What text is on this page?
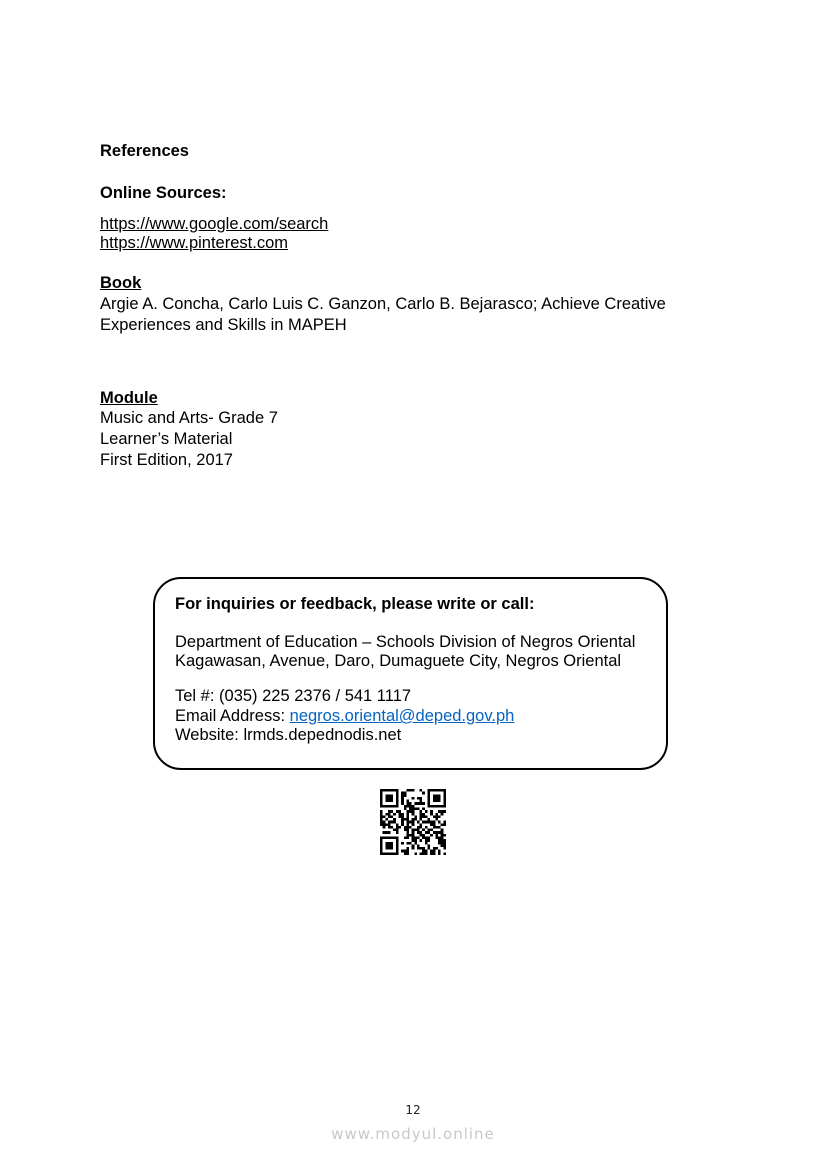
References
Online Sources:
https://www.google.com/search
https://www.pinterest.com
Book

Argie A. Concha, Carlo Luis C. Ganzon, Carlo B. Bejarasco; Achieve Creative

Experiences and Skills in MAPEH

Module

Music and Arts- Grade 7

Learner’s Material

First Edition, 2017

For inquiries or feedback, please write or call:

Department of Education – Schools Division of Negros Oriental

Kagawasan, Avenue, Daro, Dumaguete City, Negros Oriental

Tel #: (035) 225 2376 / 541 1117

Email Address: negros.oriental@deped.gov.ph

Website: lrmds.depednodis.net

12
www.modyul.online
